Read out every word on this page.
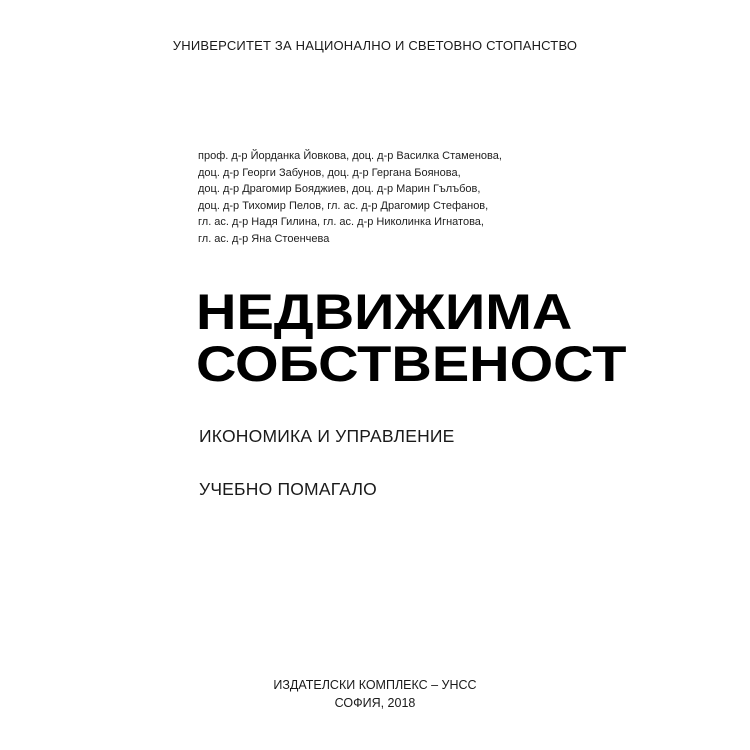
УНИВЕРСИТЕТ ЗА НАЦИОНАЛНО И СВЕТОВНО СТОПАНСТВО

проф. д-р Йорданка Йовкова, доц. д-р Василка Стаменова,
доц. д-р Георги Забунов, доц. д-р Гергана Боянова,
доц. д-р Драгомир Бояджиев, доц. д-р Марин Гълъбов,
доц. д-р Тихомир Пелов, гл. ас. д-р Драгомир Стефанов,
гл. ас. д-р Надя Гилина, гл. ас. д-р Николинка Игнатова,
гл. ас. д-р Яна Стоенчева
НЕДВИЖИМА
СОБСТВЕНОСТ

ИКОНОМИКА И УПРАВЛЕНИЕ

УЧЕБНО ПОМАГАЛО

ИЗДАТЕЛСКИ КОМПЛЕКС – УНСС
СОФИЯ, 2018
